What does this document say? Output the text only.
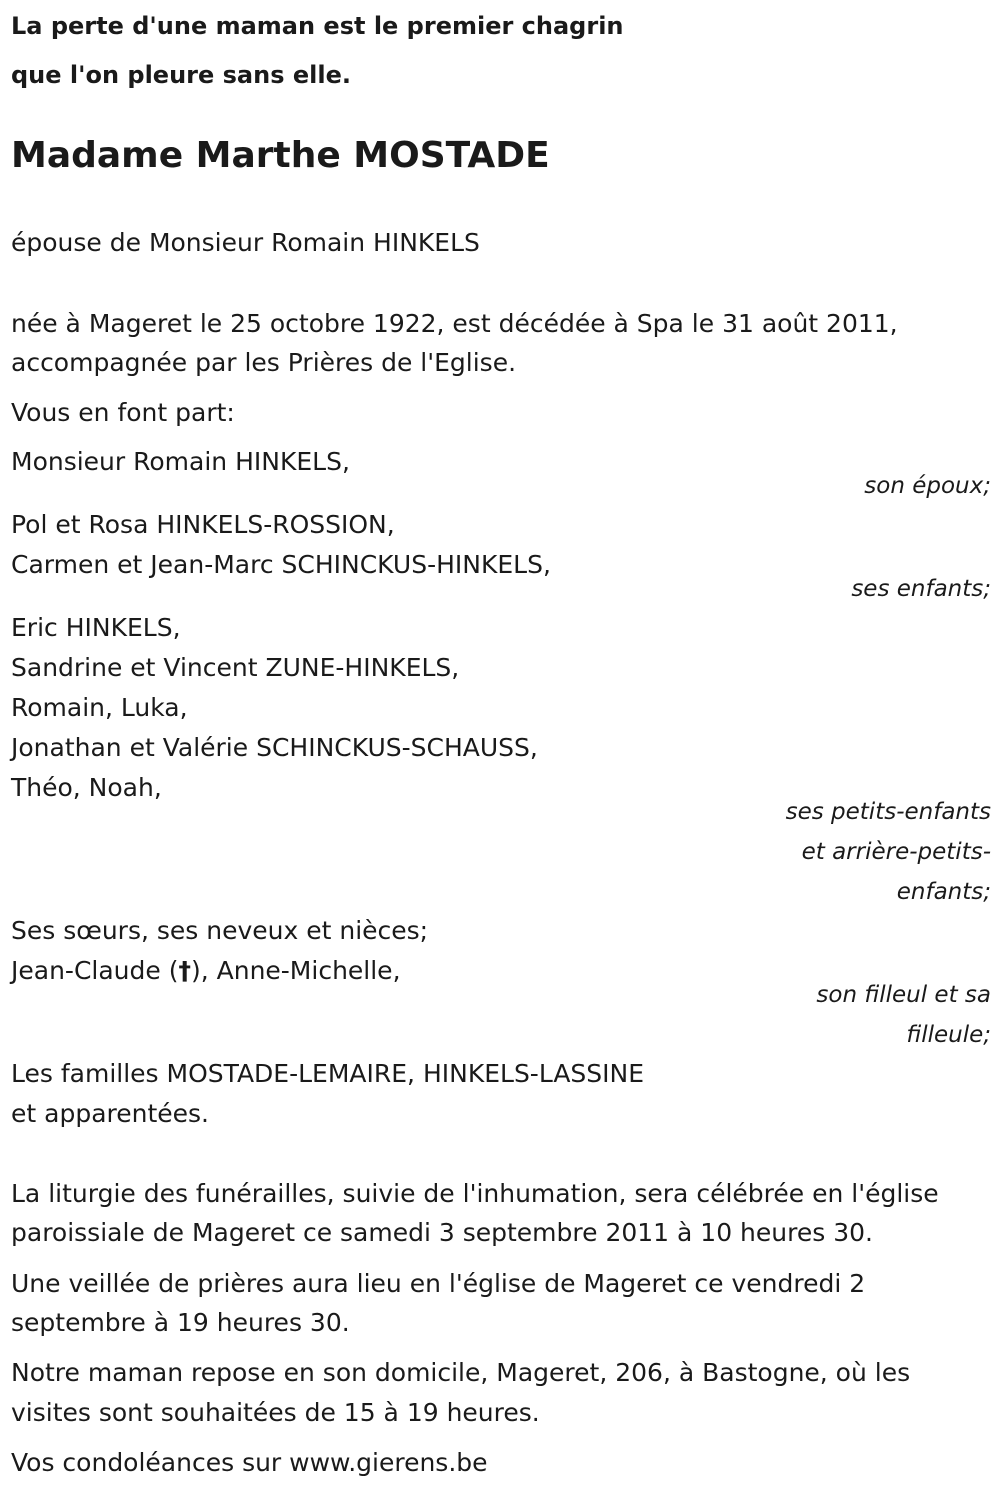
La perte d'une maman est le premier chagrin
que l'on pleure sans elle.
Madame Marthe MOSTADE
épouse de Monsieur Romain HINKELS
née à Mageret le 25 octobre 1922, est décédée à Spa le 31 août 2011,
accompagnée par les Prières de l'Eglise.
Vous en font part:
Monsieur Romain HINKELS,
son époux;
Pol et Rosa HINKELS-ROSSION,
Carmen et Jean-Marc SCHINCKUS-HINKELS,
ses enfants;
Eric HINKELS,
Sandrine et Vincent ZUNE-HINKELS,
Romain, Luka,
Jonathan et Valérie SCHINCKUS-SCHAUSS,
Théo, Noah,
ses petits-enfants
et arrière-petits-
enfants;
Ses sœurs, ses neveux et nièces;
Jean-Claude (†), Anne-Michelle,
son filleul et sa
filleule;
Les familles MOSTADE-LEMAIRE, HINKELS-LASSINE
et apparentées.
La liturgie des funérailles, suivie de l'inhumation, sera célébrée en l'église
paroissiale de Mageret ce samedi 3 septembre 2011 à 10 heures 30.
Une veillée de prières aura lieu en l'église de Mageret ce vendredi 2
septembre à 19 heures 30.
Notre maman repose en son domicile, Mageret, 206, à Bastogne, où les
visites sont souhaitées de 15 à 19 heures.
Vos condoléances sur www.gierens.be
